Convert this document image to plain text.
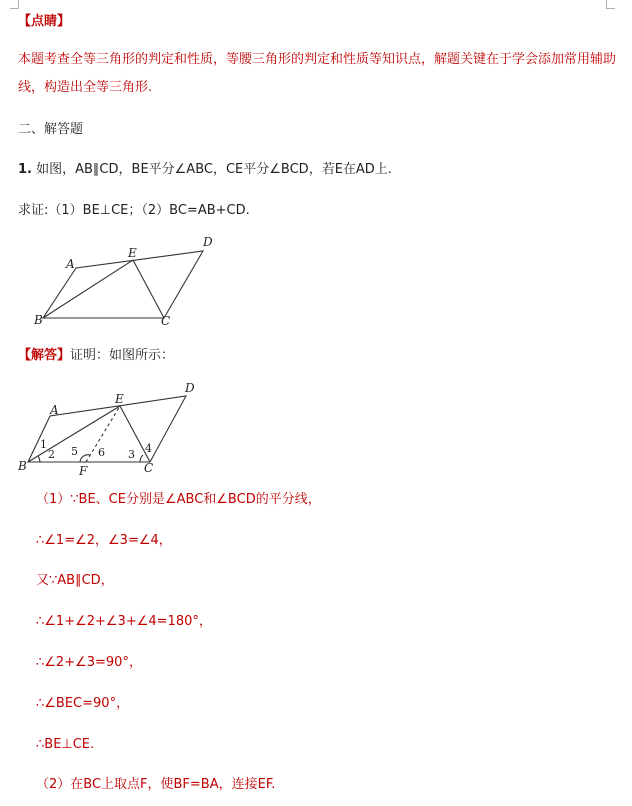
【点睛】
本题考查全等三角形的判定和性质，等腰三角形的判定和性质等知识点，解题关键在于学会添加常用辅助
线，构造出全等三角形.
二、解答题
1. 如图，AB∥CD，BE平分∠ABC，CE平分∠BCD，若E在AD上.
求证:（1）BE⊥CE；（2）BC=AB+CD.
A
B	C
D
E
A
B	C
D
E
F
1
2	3 4
5 6
【解答】证明：如图所示：
（1）∵BE、CE分别是∠ABC和∠BCD的平分线，
∴∠1=∠2，∠3=∠4，
又∵AB∥CD，
∴∠1+∠2+∠3+∠4=180°，
∴∠2+∠3=90°，
∴∠BEC=90°，
∴BE⊥CE.
（2）在BC上取点F，使BF=BA，连接EF.
